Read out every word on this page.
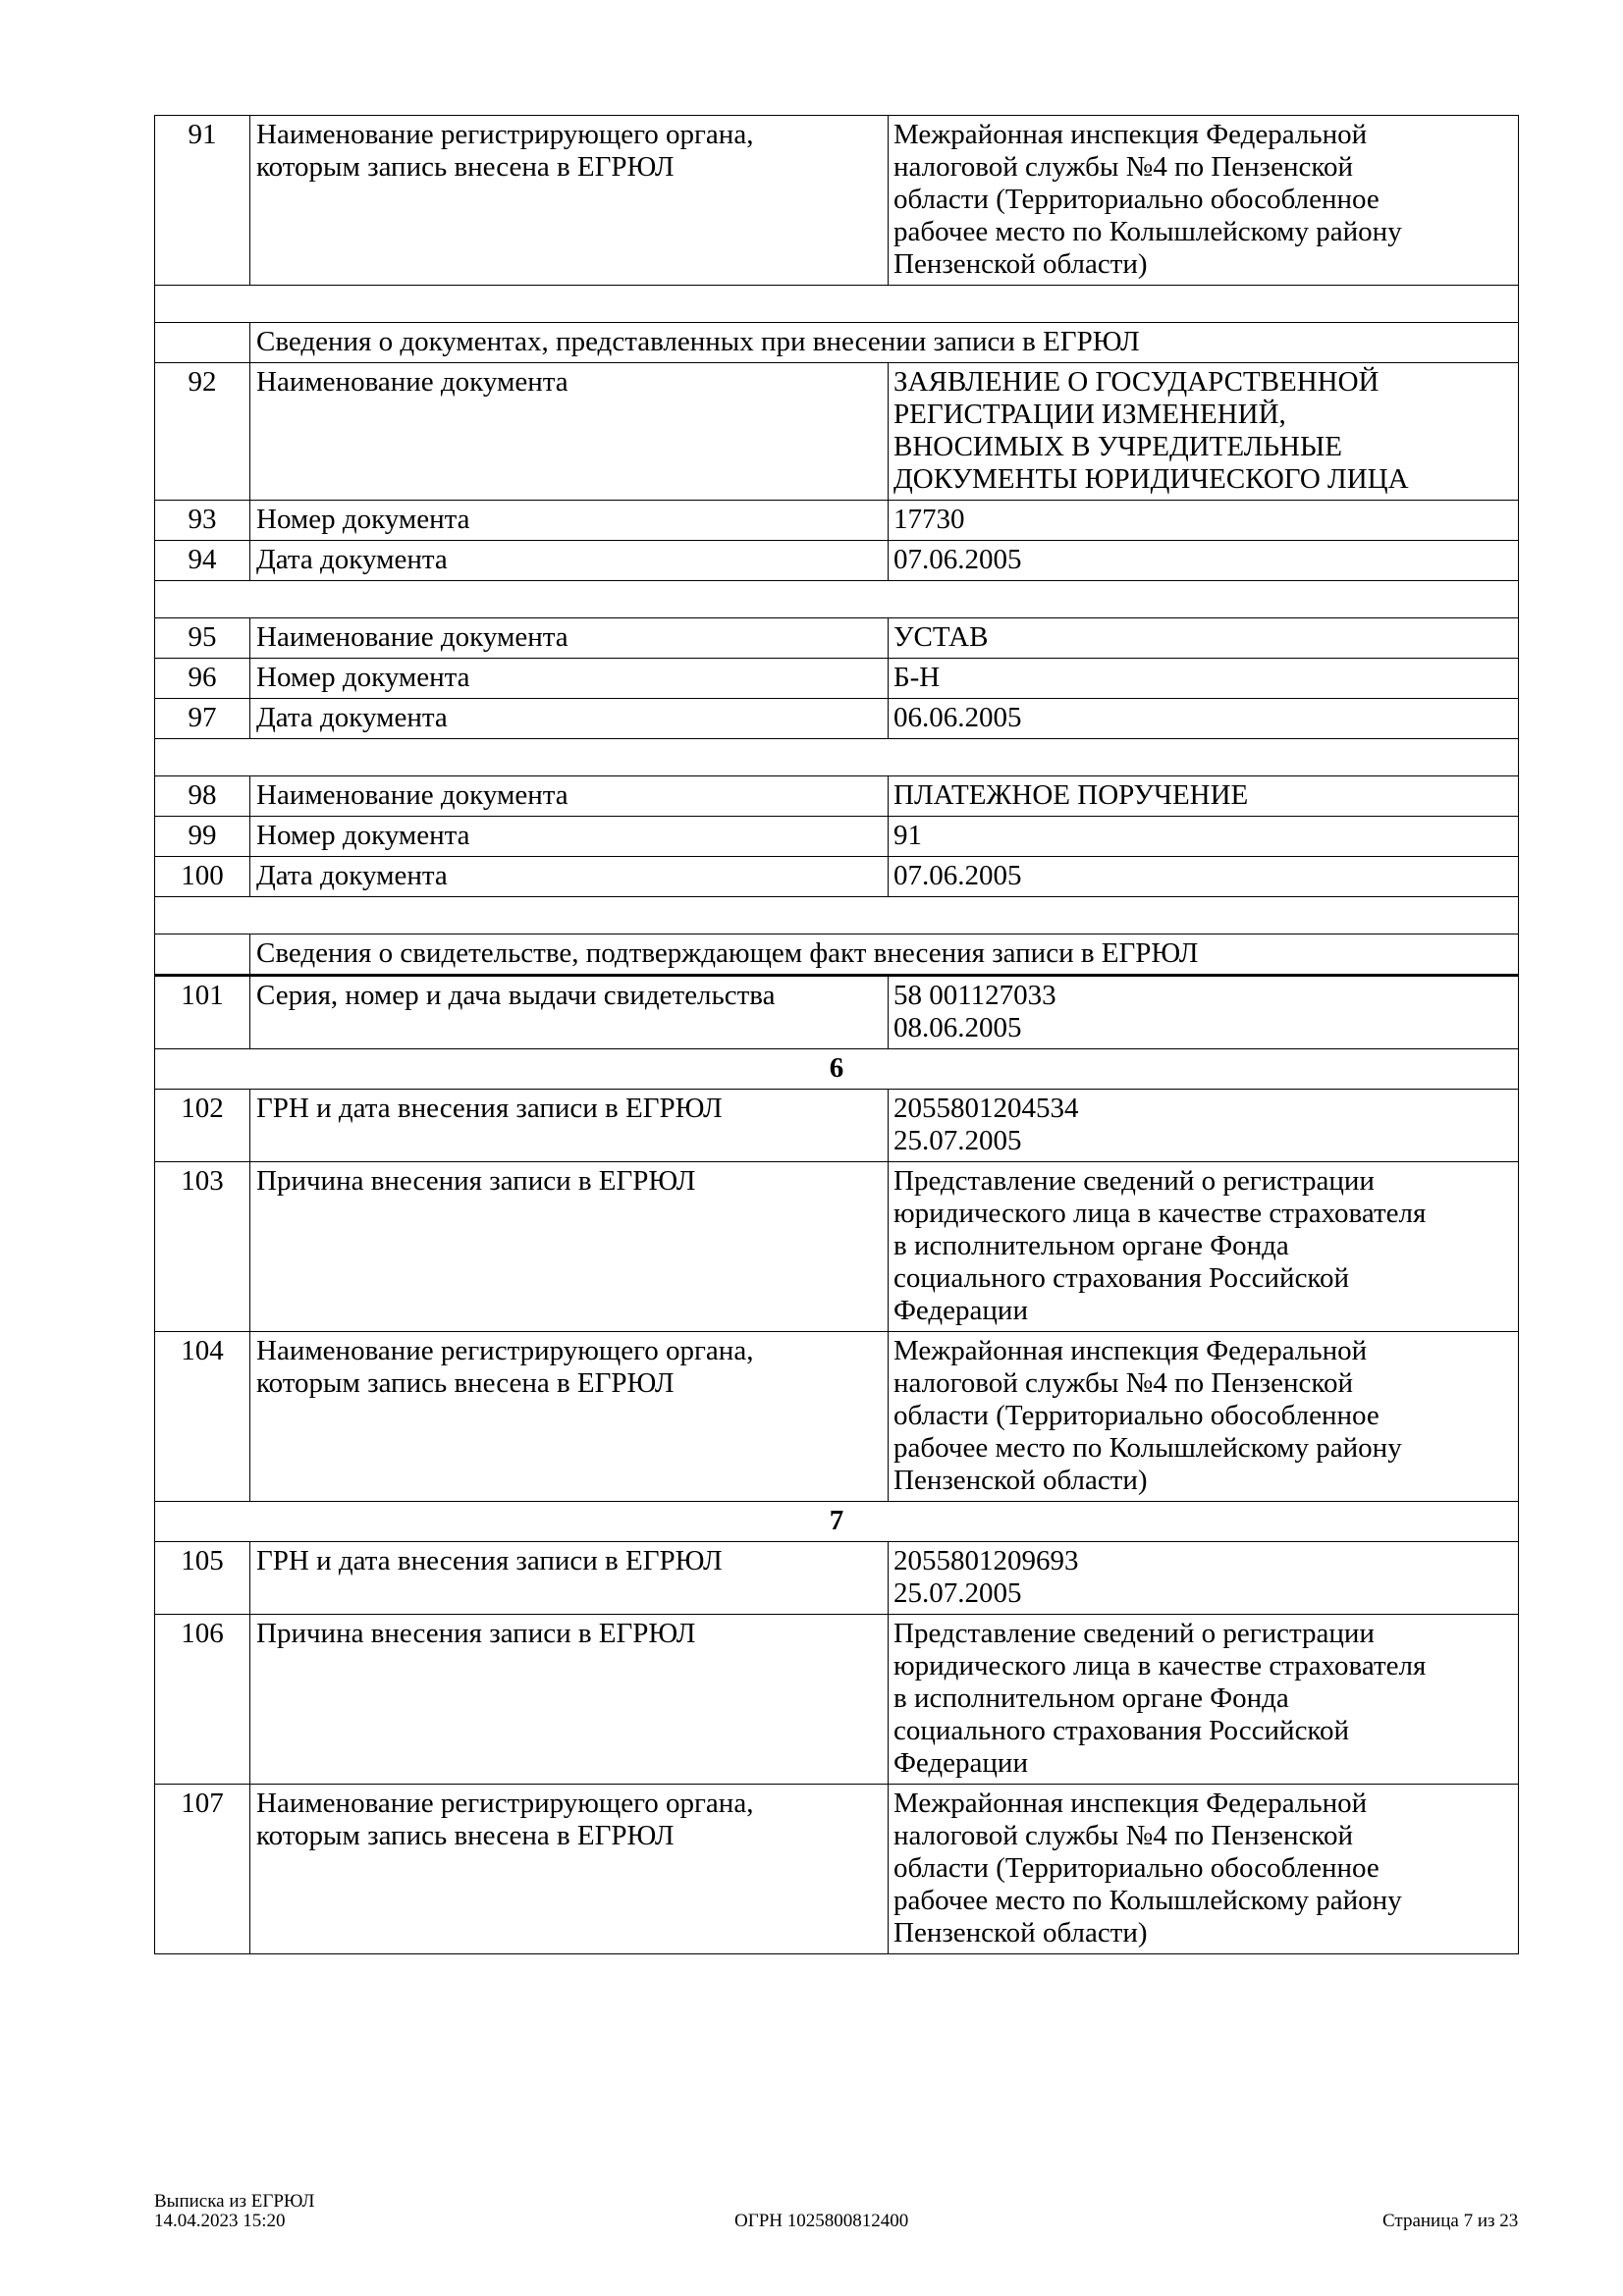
91	Наименование регистрирующего органа,
которым запись внесена в ЕГРЮЛ	Межрайонная инспекция Федеральной
налоговой службы №4 по Пензенской
области (Территориально обособленное
рабочее место по Колышлейскому району
Пензенской области)

	Сведения о документах, представленных при внесении записи в ЕГРЮЛ	
92	Наименование документа	ЗАЯВЛЕНИЕ О ГОСУДАРСТВЕННОЙ
РЕГИСТРАЦИИ ИЗМЕНЕНИЙ,
ВНОСИМЫХ В УЧРЕДИТЕЛЬНЫЕ
ДОКУМЕНТЫ ЮРИДИЧЕСКОГО ЛИЦА
93	Номер документа	17730
94	Дата документа	07.06.2005

95	Наименование документа	УСТАВ
96	Номер документа	Б-Н
97	Дата документа	06.06.2005

98	Наименование документа	ПЛАТЕЖНОЕ ПОРУЧЕНИЕ
99	Номер документа	91
100	Дата документа	07.06.2005

	Сведения о свидетельстве, подтверждающем факт внесения записи в ЕГРЮЛ	
101	Серия, номер и дача выдачи свидетельства	58 001127033
08.06.2005
6		
102	ГРН и дата внесения записи в ЕГРЮЛ	2055801204534
25.07.2005
103	Причина внесения записи в ЕГРЮЛ	Представление сведений о регистрации
юридического лица в качестве страхователя
в исполнительном органе Фонда
социального страхования Российской
Федерации
104	Наименование регистрирующего органа,
которым запись внесена в ЕГРЮЛ	Межрайонная инспекция Федеральной
налоговой службы №4 по Пензенской
области (Территориально обособленное
рабочее место по Колышлейскому району
Пензенской области)
7		
105	ГРН и дата внесения записи в ЕГРЮЛ	2055801209693
25.07.2005
106	Причина внесения записи в ЕГРЮЛ	Представление сведений о регистрации
юридического лица в качестве страхователя
в исполнительном органе Фонда
социального страхования Российской
Федерации
107	Наименование регистрирующего органа,
которым запись внесена в ЕГРЮЛ	Межрайонная инспекция Федеральной
налоговой службы №4 по Пензенской
области (Территориально обособленное
рабочее место по Колышлейскому району
Пензенской области)
Выписка из ЕГРЮЛ
14.04.2023 15:20	ОГРН 1025800812400	Страница 7 из 23
